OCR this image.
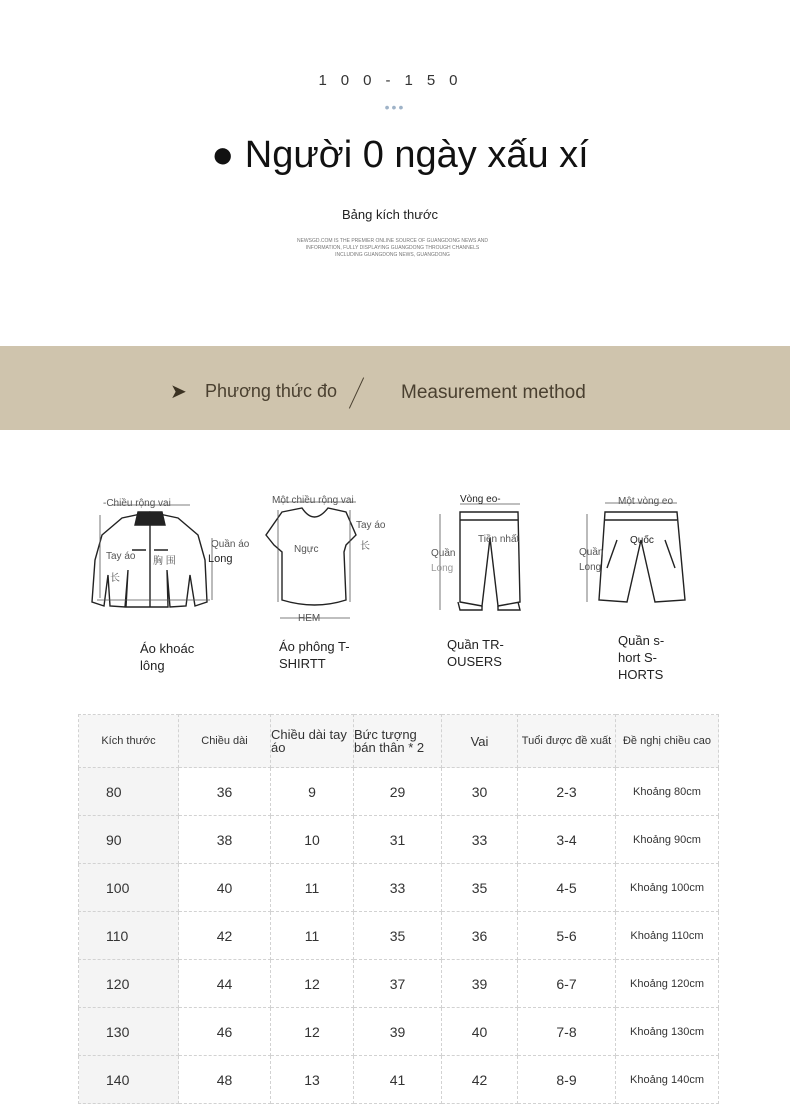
100-150
•••
● Người 0 ngày xấu xí
Bảng kích thước
NEWSGD.COM IS THE PREMIER ONLINE SOURCE OF GUANGDONG NEWS AND INFORMATION, FULLY DISPLAYING GUANGDONG THROUGH CHANNELS INCLUDING GUANGDONG NEWS, GUANGDONG
➤ Phương thức đo	Measurement method
-Chiều rộng vai
Quần áo
Long
Tay áo
长
胸 围
Áo khoác lông
Một chiều rộng vai
Tay áo
长
Ngực
HEM
Áo phông T-SHIRTT
Vòng eo-
Quần
Long
Tiền nhất
Quần TR-OUSERS
Một vòng eo
Quần
Long
Quốc
Quần s-hort S-HORTS
Kích thước	Chiều dài	Chiều dài tay áo	Bức tượng bán thân * 2	Vai	Tuổi được đề xuất	Đề nghị chiều cao
80	36	9	29	30	2-3	Khoảng 80cm
90	38	10	31	33	3-4	Khoảng 90cm
100	40	11	33	35	4-5	Khoảng 100cm
110	42	11	35	36	5-6	Khoảng 110cm
120	44	12	37	39	6-7	Khoảng 120cm
130	46	12	39	40	7-8	Khoảng 130cm
140	48	13	41	42	8-9	Khoảng 140cm
